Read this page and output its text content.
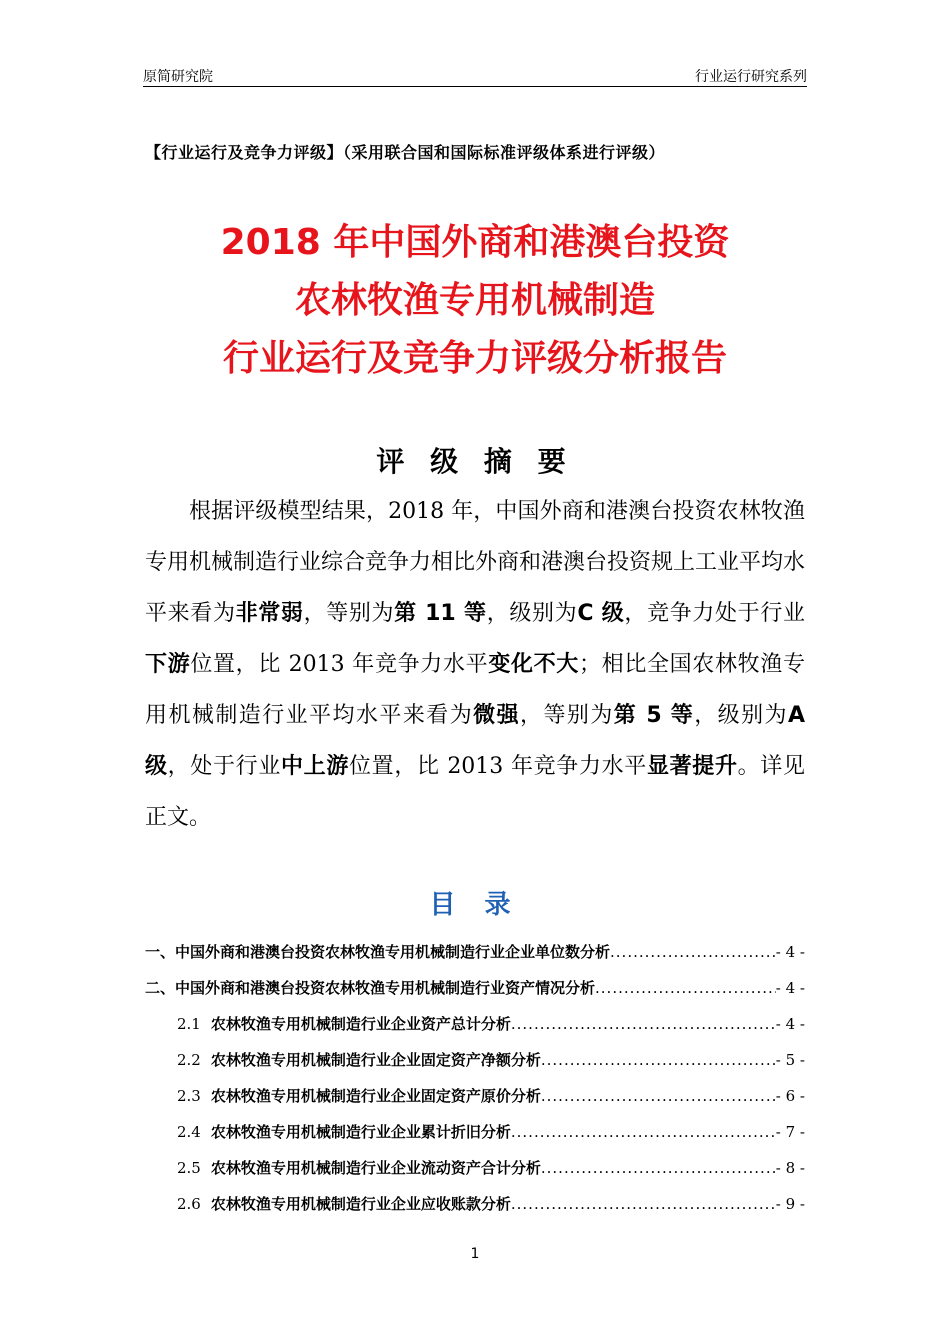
原简研究院	行业运行研究系列
【行业运行及竞争力评级】（采用联合国和国际标准评级体系进行评级）
2018 年中国外商和港澳台投资
农林牧渔专用机械制造
行业运行及竞争力评级分析报告
评 级 摘 要

根据评级模型结果，2018 年，中国外商和港澳台投资农林牧渔专用机械制造行业综合竞争力相比外商和港澳台投资规上工业平均水平来看为非常弱，等别为第 11 等，级别为C 级，竞争力处于行业下游位置，比 2013 年竞争力水平变化不大；相比全国农林牧渔专用机械制造行业平均水平来看为微强，等别为第 5 等，级别为A 级，处于行业中上游位置，比 2013 年竞争力水平显著提升。详见正文。

目 录
一、中国外商和港澳台投资农林牧渔专用机械制造行业企业单位数分析 .....	- 4 -
二、中国外商和港澳台投资农林牧渔专用机械制造行业资产情况分析 .....	- 4 -
2.1 农林牧渔专用机械制造行业企业资产总计分析 .....	- 4 -
2.2 农林牧渔专用机械制造行业企业固定资产净额分析 .....	- 5 -
2.3 农林牧渔专用机械制造行业企业固定资产原价分析 .....	- 6 -
2.4 农林牧渔专用机械制造行业企业累计折旧分析 .....	- 7 -
2.5 农林牧渔专用机械制造行业企业流动资产合计分析 .....	- 8 -
2.6 农林牧渔专用机械制造行业企业应收账款分析 .....	- 9 -
1
